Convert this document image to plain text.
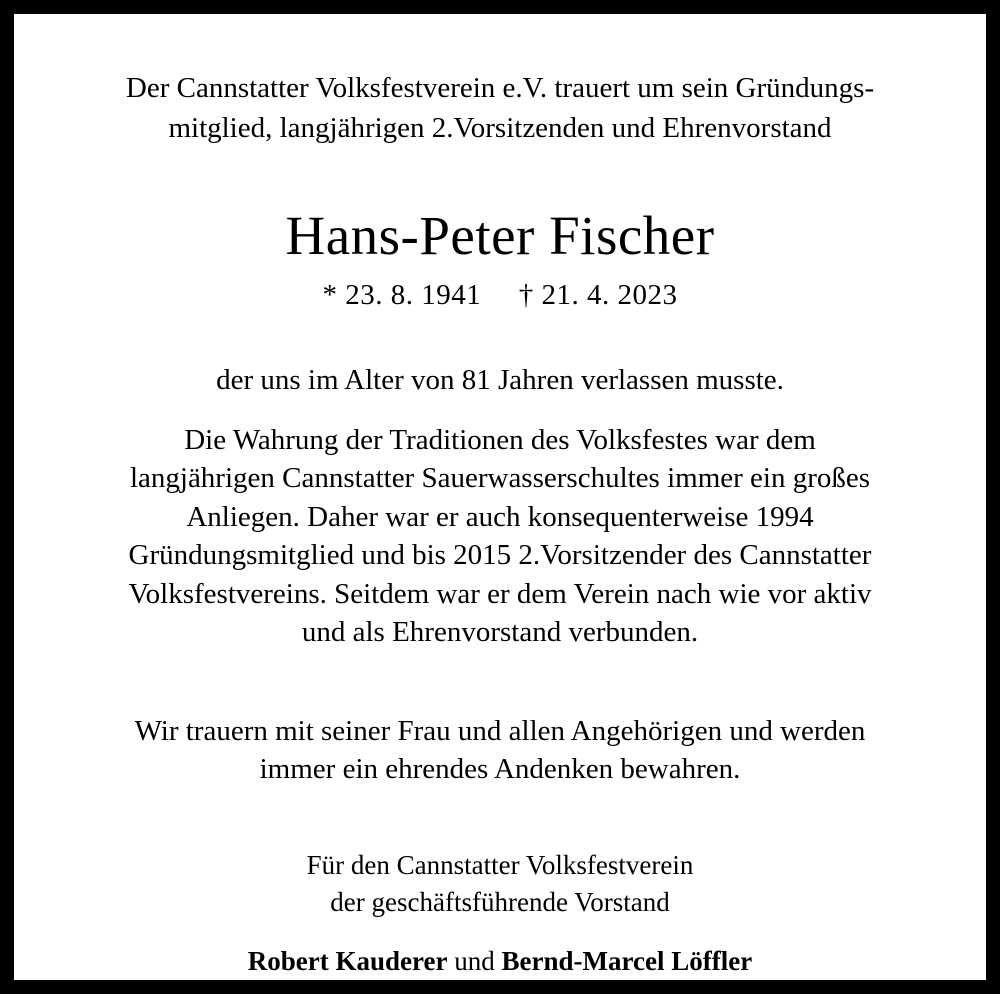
Der Cannstatter Volksfestverein e.V. trauert um sein Gründungs-
mitglied, langjährigen 2.Vorsitzenden und Ehrenvorstand
Hans-Peter Fischer
* 23. 8. 1941 † 21. 4. 2023
der uns im Alter von 81 Jahren verlassen musste.
Die Wahrung der Traditionen des Volksfestes war dem
langjährigen Cannstatter Sauerwasserschultes immer ein großes
Anliegen. Daher war er auch konsequenterweise 1994
Gründungsmitglied und bis 2015 2.Vorsitzender des Cannstatter
Volksfestvereins. Seitdem war er dem Verein nach wie vor aktiv
und als Ehrenvorstand verbunden.
Wir trauern mit seiner Frau und allen Angehörigen und werden
immer ein ehrendes Andenken bewahren.
Für den Cannstatter Volksfestverein
der geschäftsführende Vorstand
Robert Kauderer und Bernd-Marcel Löffler
